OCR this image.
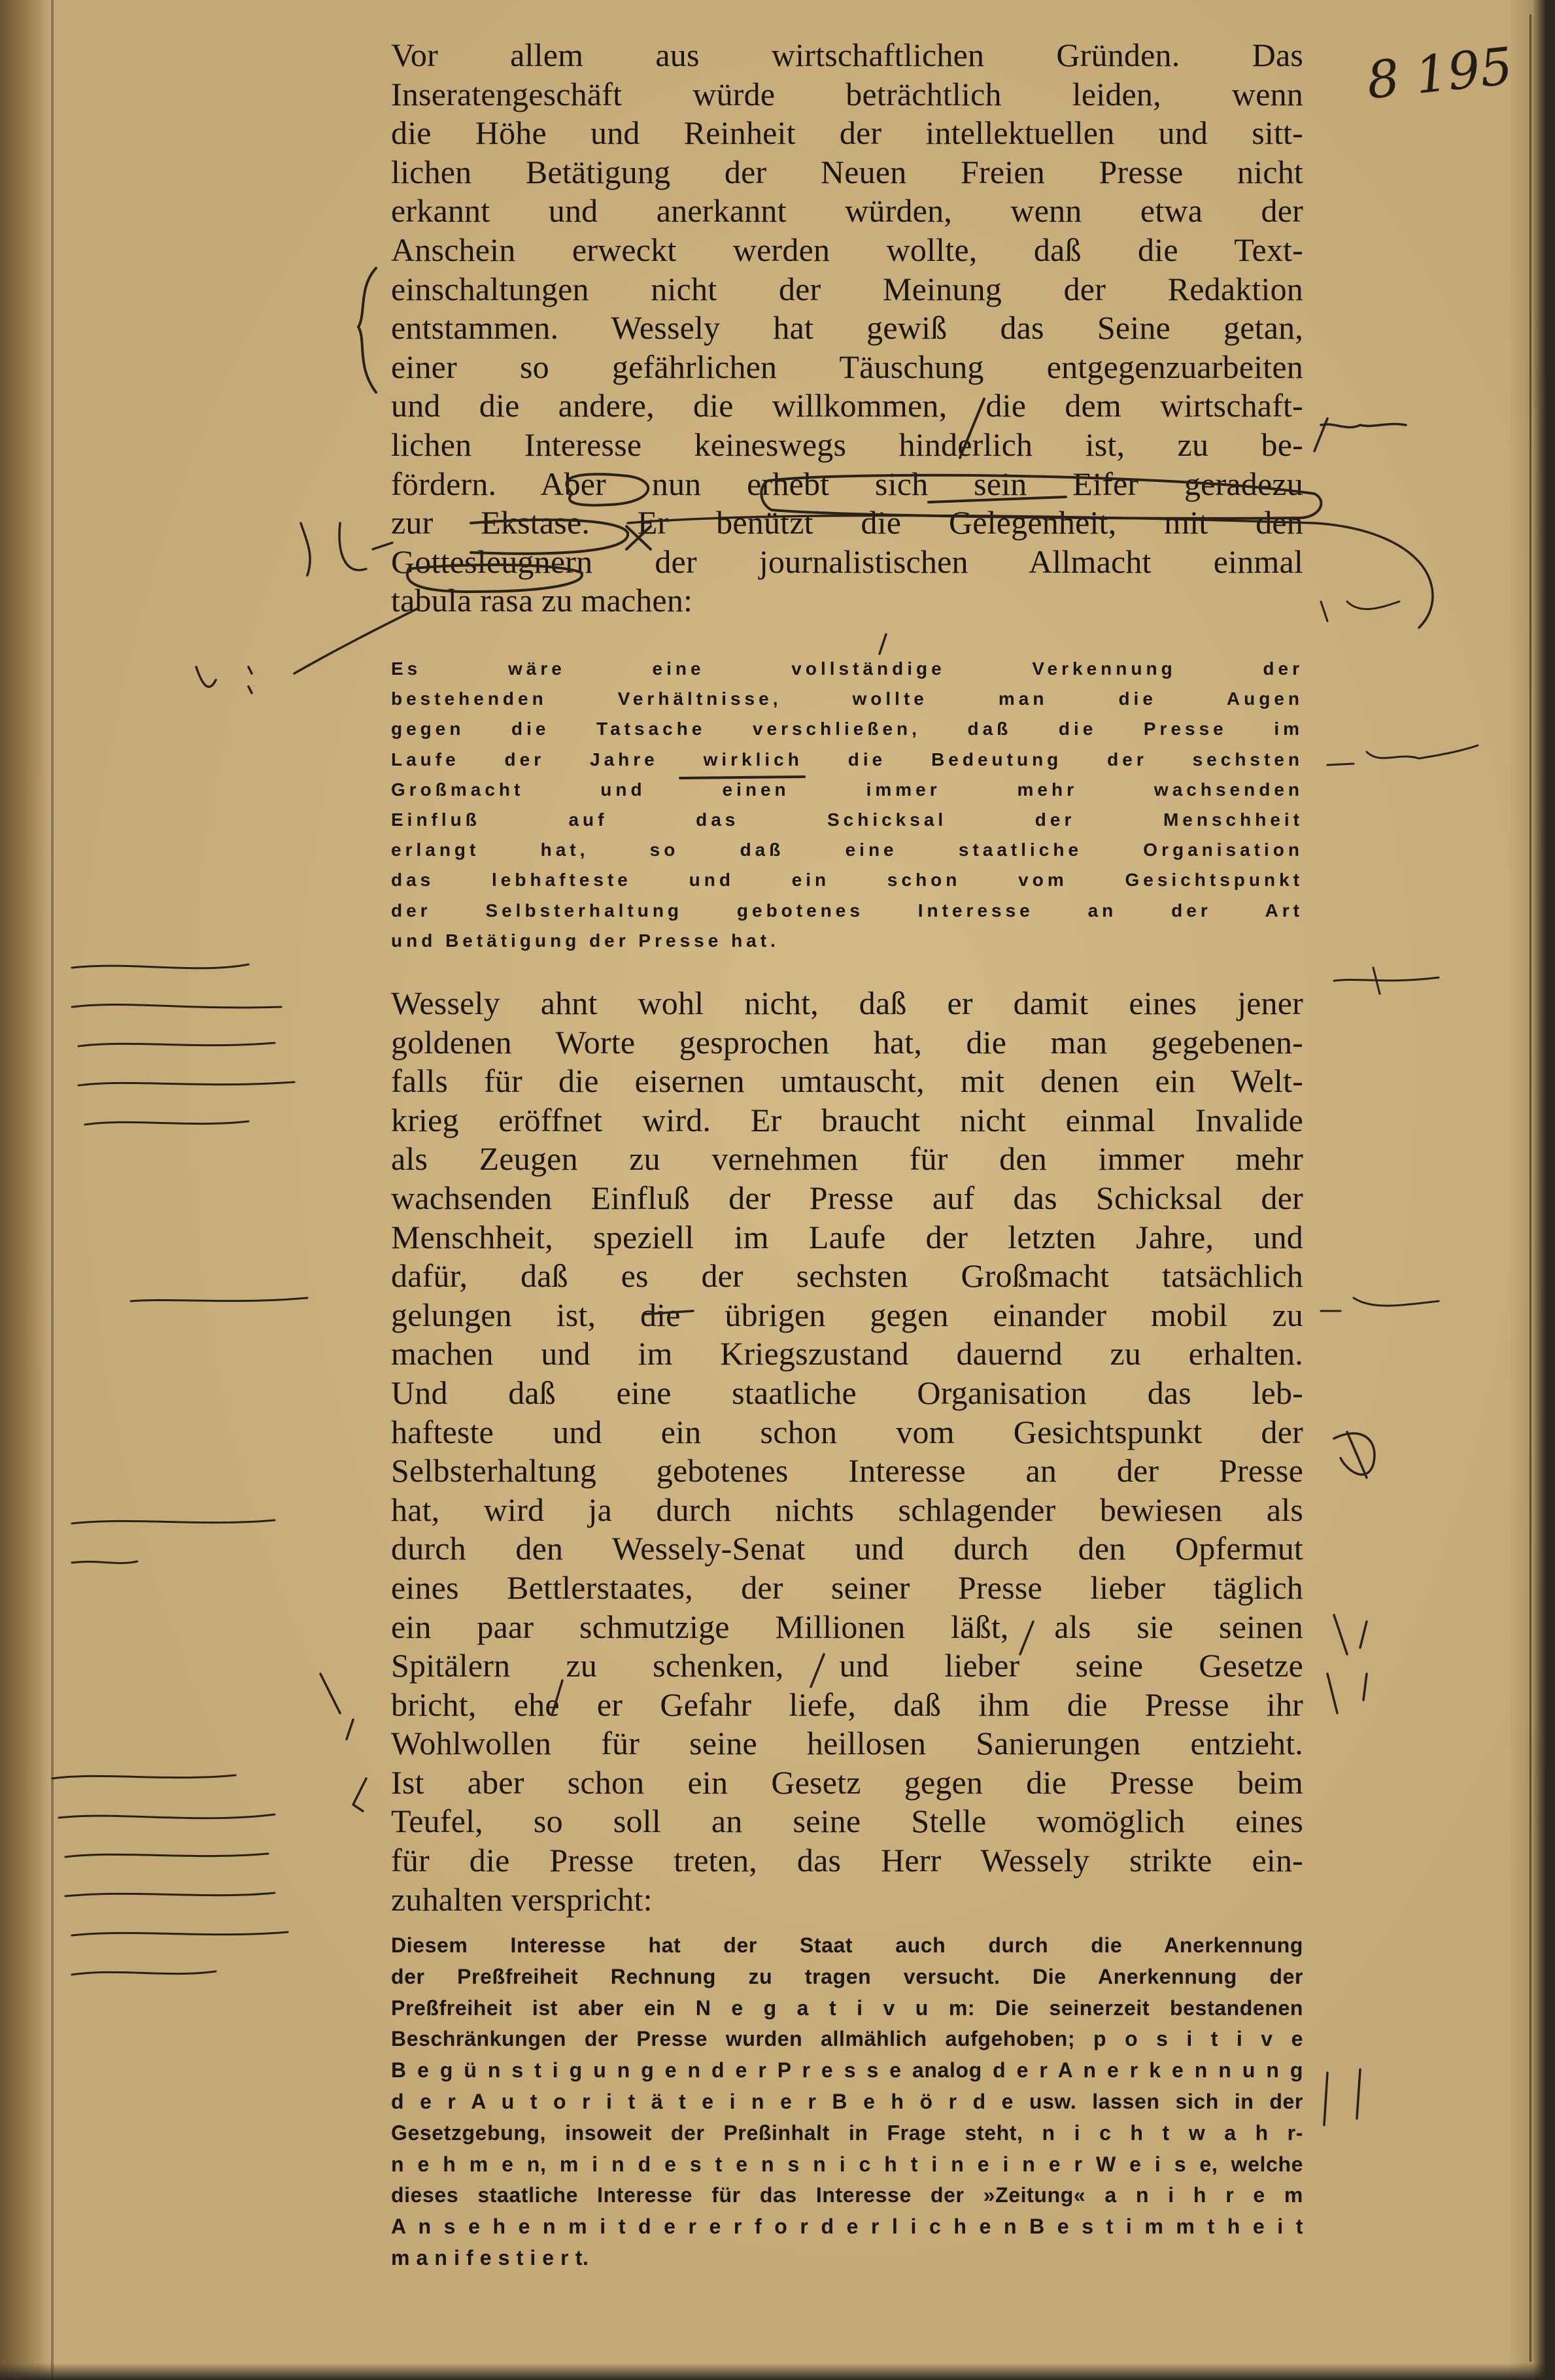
8 195
Vor allem aus wirtschaftlichen Gründen. Das
Inseratengeschäft würde beträchtlich leiden, wenn
die Höhe und Reinheit der intellektuellen und sitt-
lichen Betätigung der Neuen Freien Presse nicht
erkannt und anerkannt würden, wenn etwa der
Anschein erweckt werden wollte, daß die Text-
einschaltungen nicht der Meinung der Redaktion
entstammen. Wessely hat gewiß das Seine getan,
einer so gefährlichen Täuschung entgegenzuarbeiten
und die andere, die willkommen, die dem wirtschaft-
lichen Interesse keineswegs hinderlich ist, zu be-
fördern. Aber nun erhebt sich sein Eifer geradezu
zur Ekstase. Er benützt die Gelegenheit, mit den
Gottesleugnern der journalistischen Allmacht einmal
tabula rasa zu machen:
Es wäre eine vollständige Verkennung der
bestehenden Verhältnisse, wollte man die Augen
gegen die Tatsache verschließen, daß die Presse im
Laufe der Jahre wirklich die Bedeutung der sechsten
Großmacht und einen immer mehr wachsenden
Einfluß auf das Schicksal der Menschheit
erlangt hat, so daß eine staatliche Organisation
das lebhafteste und ein schon vom Gesichtspunkt
der Selbsterhaltung gebotenes Interesse an der Art
und Betätigung der Presse hat.
Wessely ahnt wohl nicht, daß er damit eines jener
goldenen Worte gesprochen hat, die man gegebenen-
falls für die eisernen umtauscht, mit denen ein Welt-
krieg eröffnet wird. Er braucht nicht einmal Invalide
als Zeugen zu vernehmen für den immer mehr
wachsenden Einfluß der Presse auf das Schicksal der
Menschheit, speziell im Laufe der letzten Jahre, und
dafür, daß es der sechsten Großmacht tatsächlich
gelungen ist, die übrigen gegen einander mobil zu
machen und im Kriegszustand dauernd zu erhalten.
Und daß eine staatliche Organisation das leb-
hafteste und ein schon vom Gesichtspunkt der
Selbsterhaltung gebotenes Interesse an der Presse
hat, wird ja durch nichts schlagender bewiesen als
durch den Wessely-Senat und durch den Opfermut
eines Bettlerstaates, der seiner Presse lieber täglich
ein paar schmutzige Millionen läßt, als sie seinen
Spitälern zu schenken, und lieber seine Gesetze
bricht, ehe er Gefahr liefe, daß ihm die Presse ihr
Wohlwollen für seine heillosen Sanierungen entzieht.
Ist aber schon ein Gesetz gegen die Presse beim
Teufel, so soll an seine Stelle womöglich eines
für die Presse treten, das Herr Wessely strikte ein-
zuhalten verspricht:
Diesem Interesse hat der Staat auch durch die Anerkennung
der Preßfreiheit Rechnung zu tragen versucht. Die Anerkennung der
Preßfreiheit ist aber ein N e g a t i v u m: Die seinerzeit bestandenen
Beschränkungen der Presse wurden allmählich aufgehoben; p o s i t i v e
B e g ü n s t i g u n g e n d e r P r e s s e analog d e r A n e r k e n n u n g
d e r A u t o r i t ä t e i n e r B e h ö r d e usw. lassen sich in der
Gesetzgebung, insoweit der Preßinhalt in Frage steht, n i c h t w a h r-
n e h m e n, m i n d e s t e n s n i c h t i n e i n e r W e i s e, welche
dieses staatliche Interesse für das Interesse der »Zeitung« a n i h r e m
A n s e h e n m i t d e r e r f o r d e r l i c h e n B e s t i m m t h e i t
m a n i f e s t i e r t.
